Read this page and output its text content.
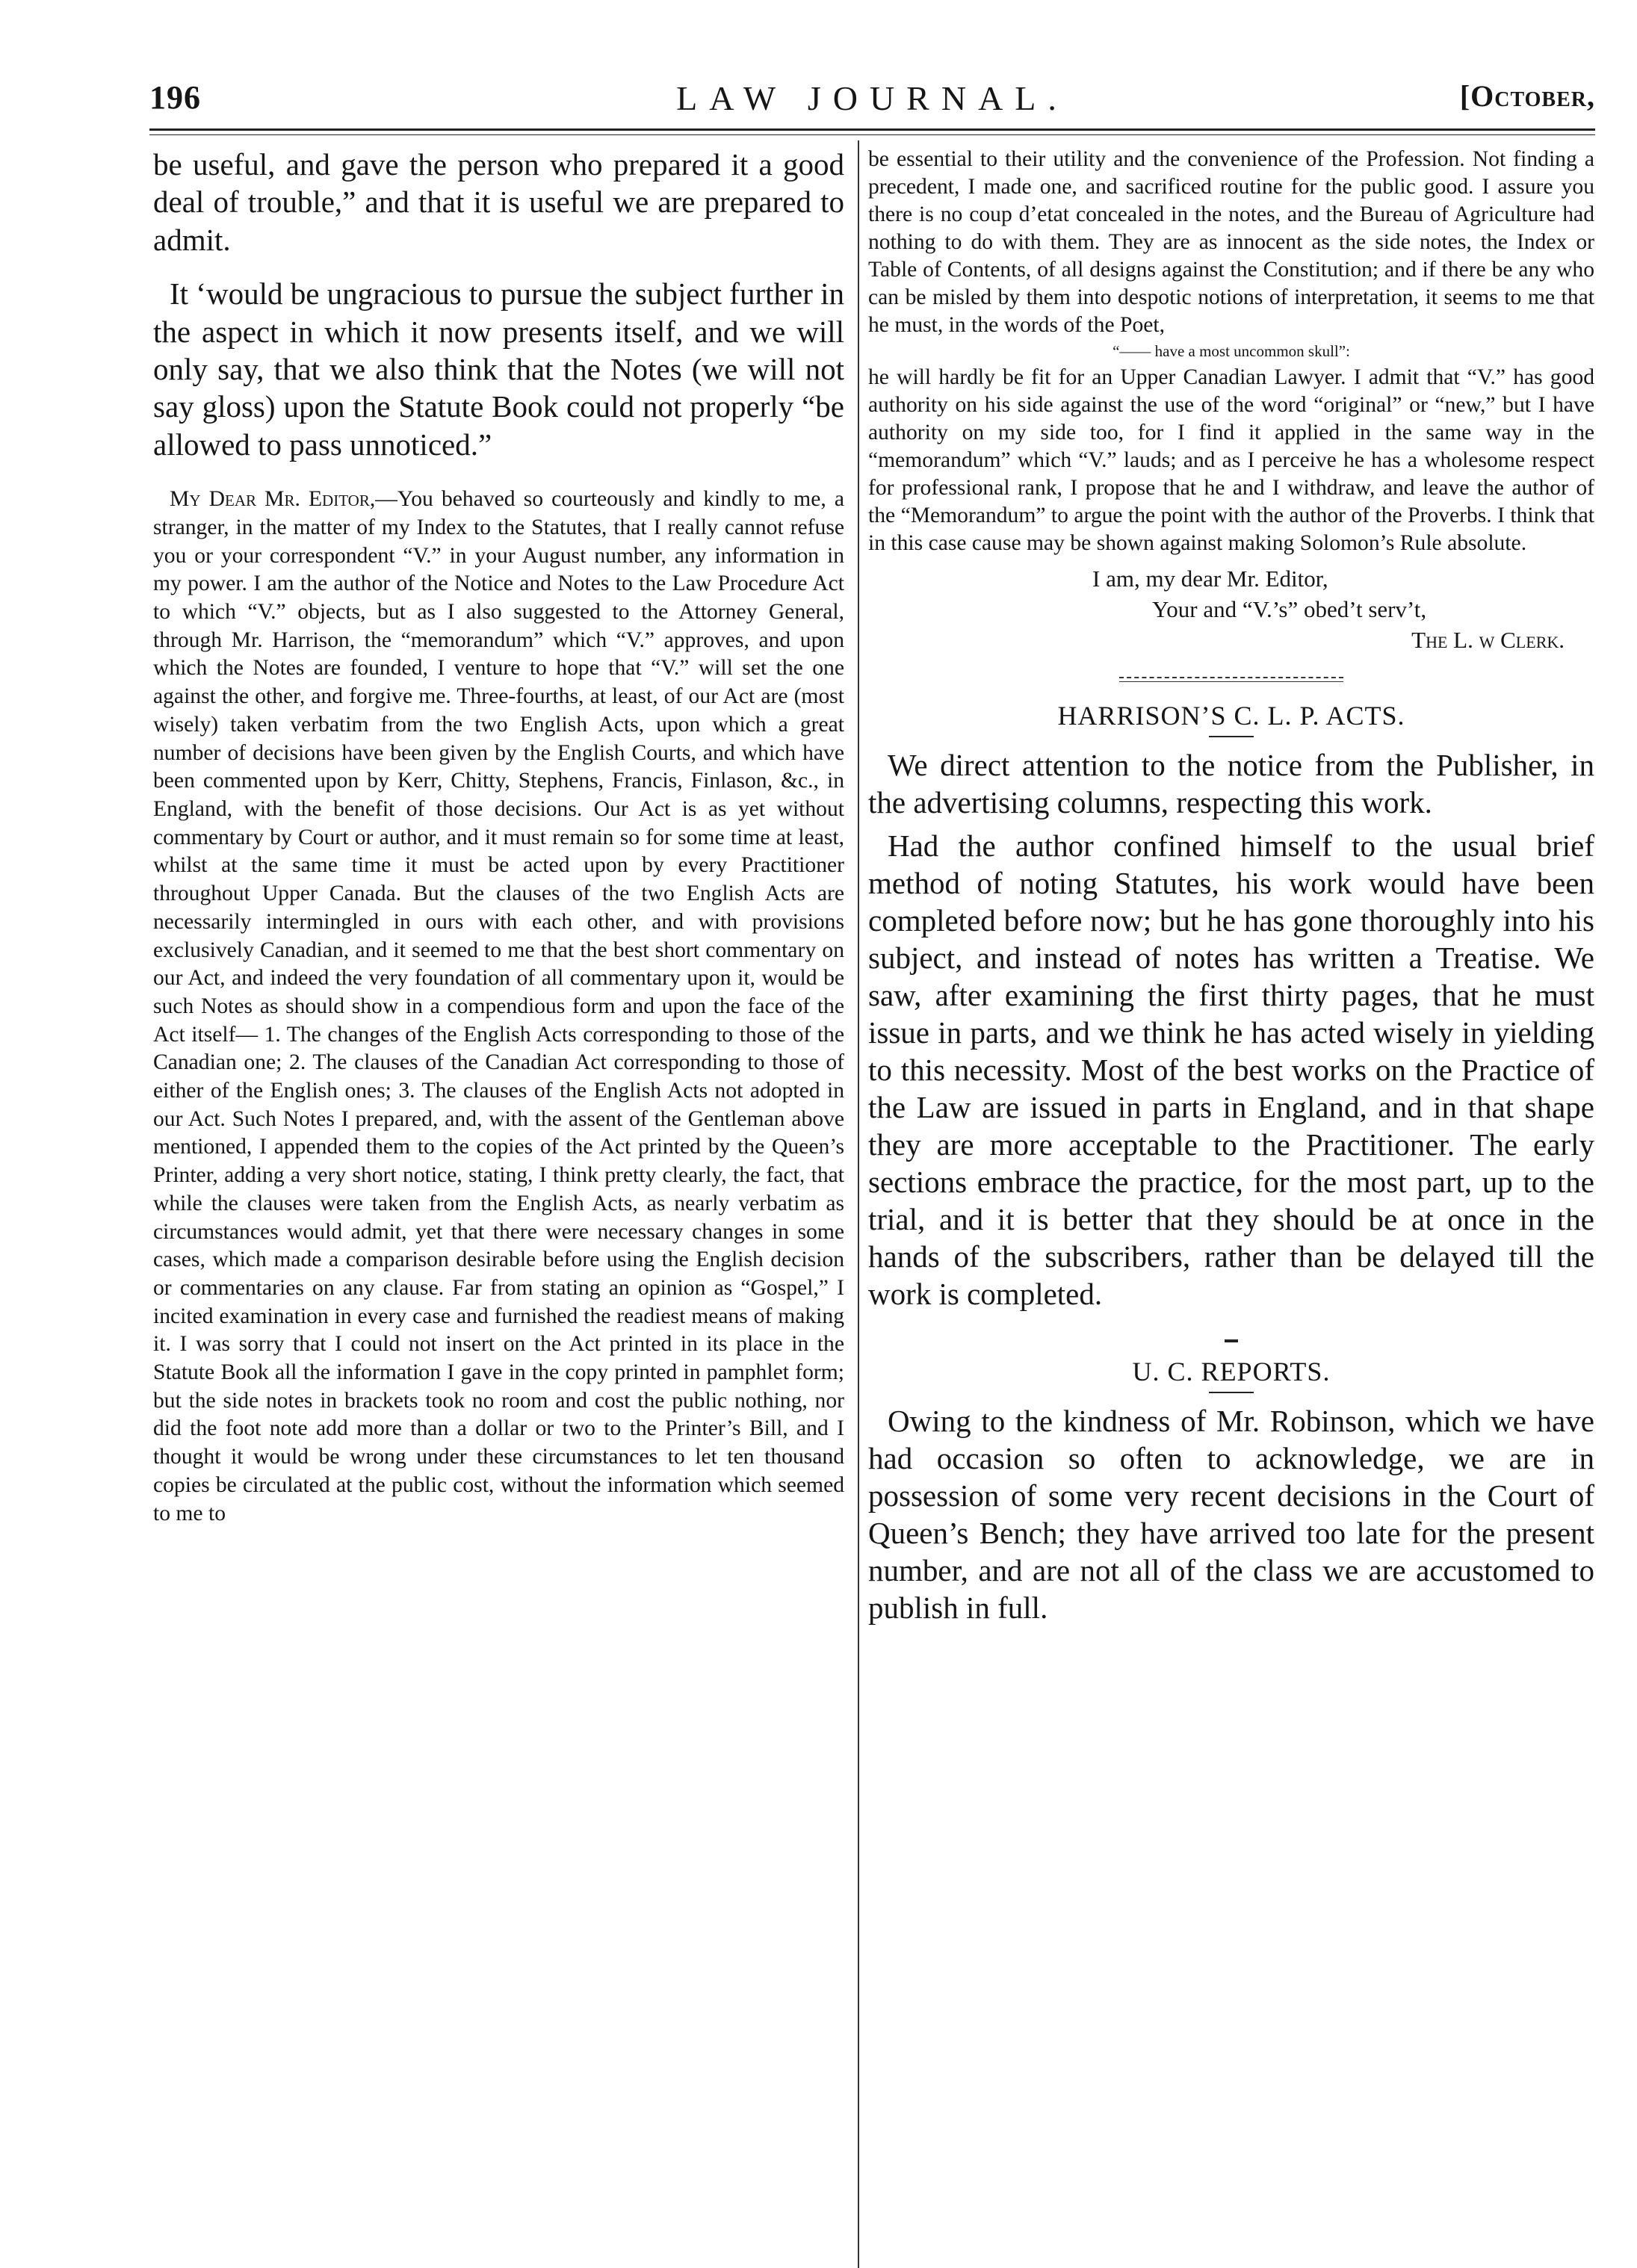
196	LAW JOURNAL.	[October,

be useful, and gave the person who prepared it a good deal of trouble,” and that it is useful we are prepared to admit.

It ‘would be ungracious to pursue the subject further in the aspect in which it now presents itself, and we will only say, that we also think that the Notes (we will not say gloss) upon the Statute Book could not properly “be allowed to pass unnoticed.”

My Dear Mr. Editor,—You behaved so courteously and kindly to me, a stranger, in the matter of my Index to the Statutes, that I really cannot refuse you or your correspondent “V.” in your August number, any information in my power. I am the author of the Notice and Notes to the Law Procedure Act to which “V.” objects, but as I also suggested to the Attorney General, through Mr. Harrison, the “memorandum” which “V.” approves, and upon which the Notes are founded, I venture to hope that “V.” will set the one against the other, and forgive me. Three-fourths, at least, of our Act are (most wisely) taken verbatim from the two English Acts, upon which a great number of decisions have been given by the English Courts, and which have been commented upon by Kerr, Chitty, Stephens, Francis, Finlason, &c., in England, with the benefit of those decisions. Our Act is as yet without commentary by Court or author, and it must remain so for some time at least, whilst at the same time it must be acted upon by every Practitioner throughout Upper Canada. But the clauses of the two English Acts are necessarily intermingled in ours with each other, and with provisions exclusively Canadian, and it seemed to me that the best short commentary on our Act, and indeed the very foundation of all commentary upon it, would be such Notes as should show in a compendious form and upon the face of the Act itself— 1. The changes of the English Acts corresponding to those of the Canadian one; 2. The clauses of the Canadian Act corresponding to those of either of the English ones; 3. The clauses of the English Acts not adopted in our Act. Such Notes I prepared, and, with the assent of the Gentleman above mentioned, I appended them to the copies of the Act printed by the Queen’s Printer, adding a very short notice, stating, I think pretty clearly, the fact, that while the clauses were taken from the English Acts, as nearly verbatim as circumstances would admit, yet that there were necessary changes in some cases, which made a comparison desirable before using the English decision or commentaries on any clause. Far from stating an opinion as “Gospel,” I incited examination in every case and furnished the readiest means of making it. I was sorry that I could not insert on the Act printed in its place in the Statute Book all the information I gave in the copy printed in pamphlet form; but the side notes in brackets took no room and cost the public nothing, nor did the foot note add more than a dollar or two to the Printer’s Bill, and I thought it would be wrong under these circumstances to let ten thousand copies be circulated at the public cost, without the information which seemed to me to

be essential to their utility and the convenience of the Profession. Not finding a precedent, I made one, and sacrificed routine for the public good. I assure you there is no coup d’etat concealed in the notes, and the Bureau of Agriculture had nothing to do with them. They are as innocent as the side notes, the Index or Table of Contents, of all designs against the Constitution; and if there be any who can be misled by them into despotic notions of interpretation, it seems to me that he must, in the words of the Poet,

“—— have a most uncommon skull”:

he will hardly be fit for an Upper Canadian Lawyer. I admit that “V.” has good authority on his side against the use of the word “original” or “new,” but I have authority on my side too, for I find it applied in the same way in the “memorandum” which “V.” lauds; and as I perceive he has a wholesome respect for professional rank, I propose that he and I withdraw, and leave the author of the “Memorandum” to argue the point with the author of the Proverbs. I think that in this case cause may be shown against making Solomon’s Rule absolute.

I am, my dear Mr. Editor,
Your and “V.’s” obed’t serv’t,
The L. w Clerk.
HARRISON’S C. L. P. ACTS.

We direct attention to the notice from the Publisher, in the advertising columns, respecting this work.

Had the author confined himself to the usual brief method of noting Statutes, his work would have been completed before now; but he has gone thoroughly into his subject, and instead of notes has written a Treatise. We saw, after examining the first thirty pages, that he must issue in parts, and we think he has acted wisely in yielding to this necessity. Most of the best works on the Practice of the Law are issued in parts in England, and in that shape they are more acceptable to the Practitioner. The early sections embrace the practice, for the most part, up to the trial, and it is better that they should be at once in the hands of the subscribers, rather than be delayed till the work is completed.

U. C. REPORTS.

Owing to the kindness of Mr. Robinson, which we have had occasion so often to acknowledge, we are in possession of some very recent decisions in the Court of Queen’s Bench; they have arrived too late for the present number, and are not all of the class we are accustomed to publish in full.
